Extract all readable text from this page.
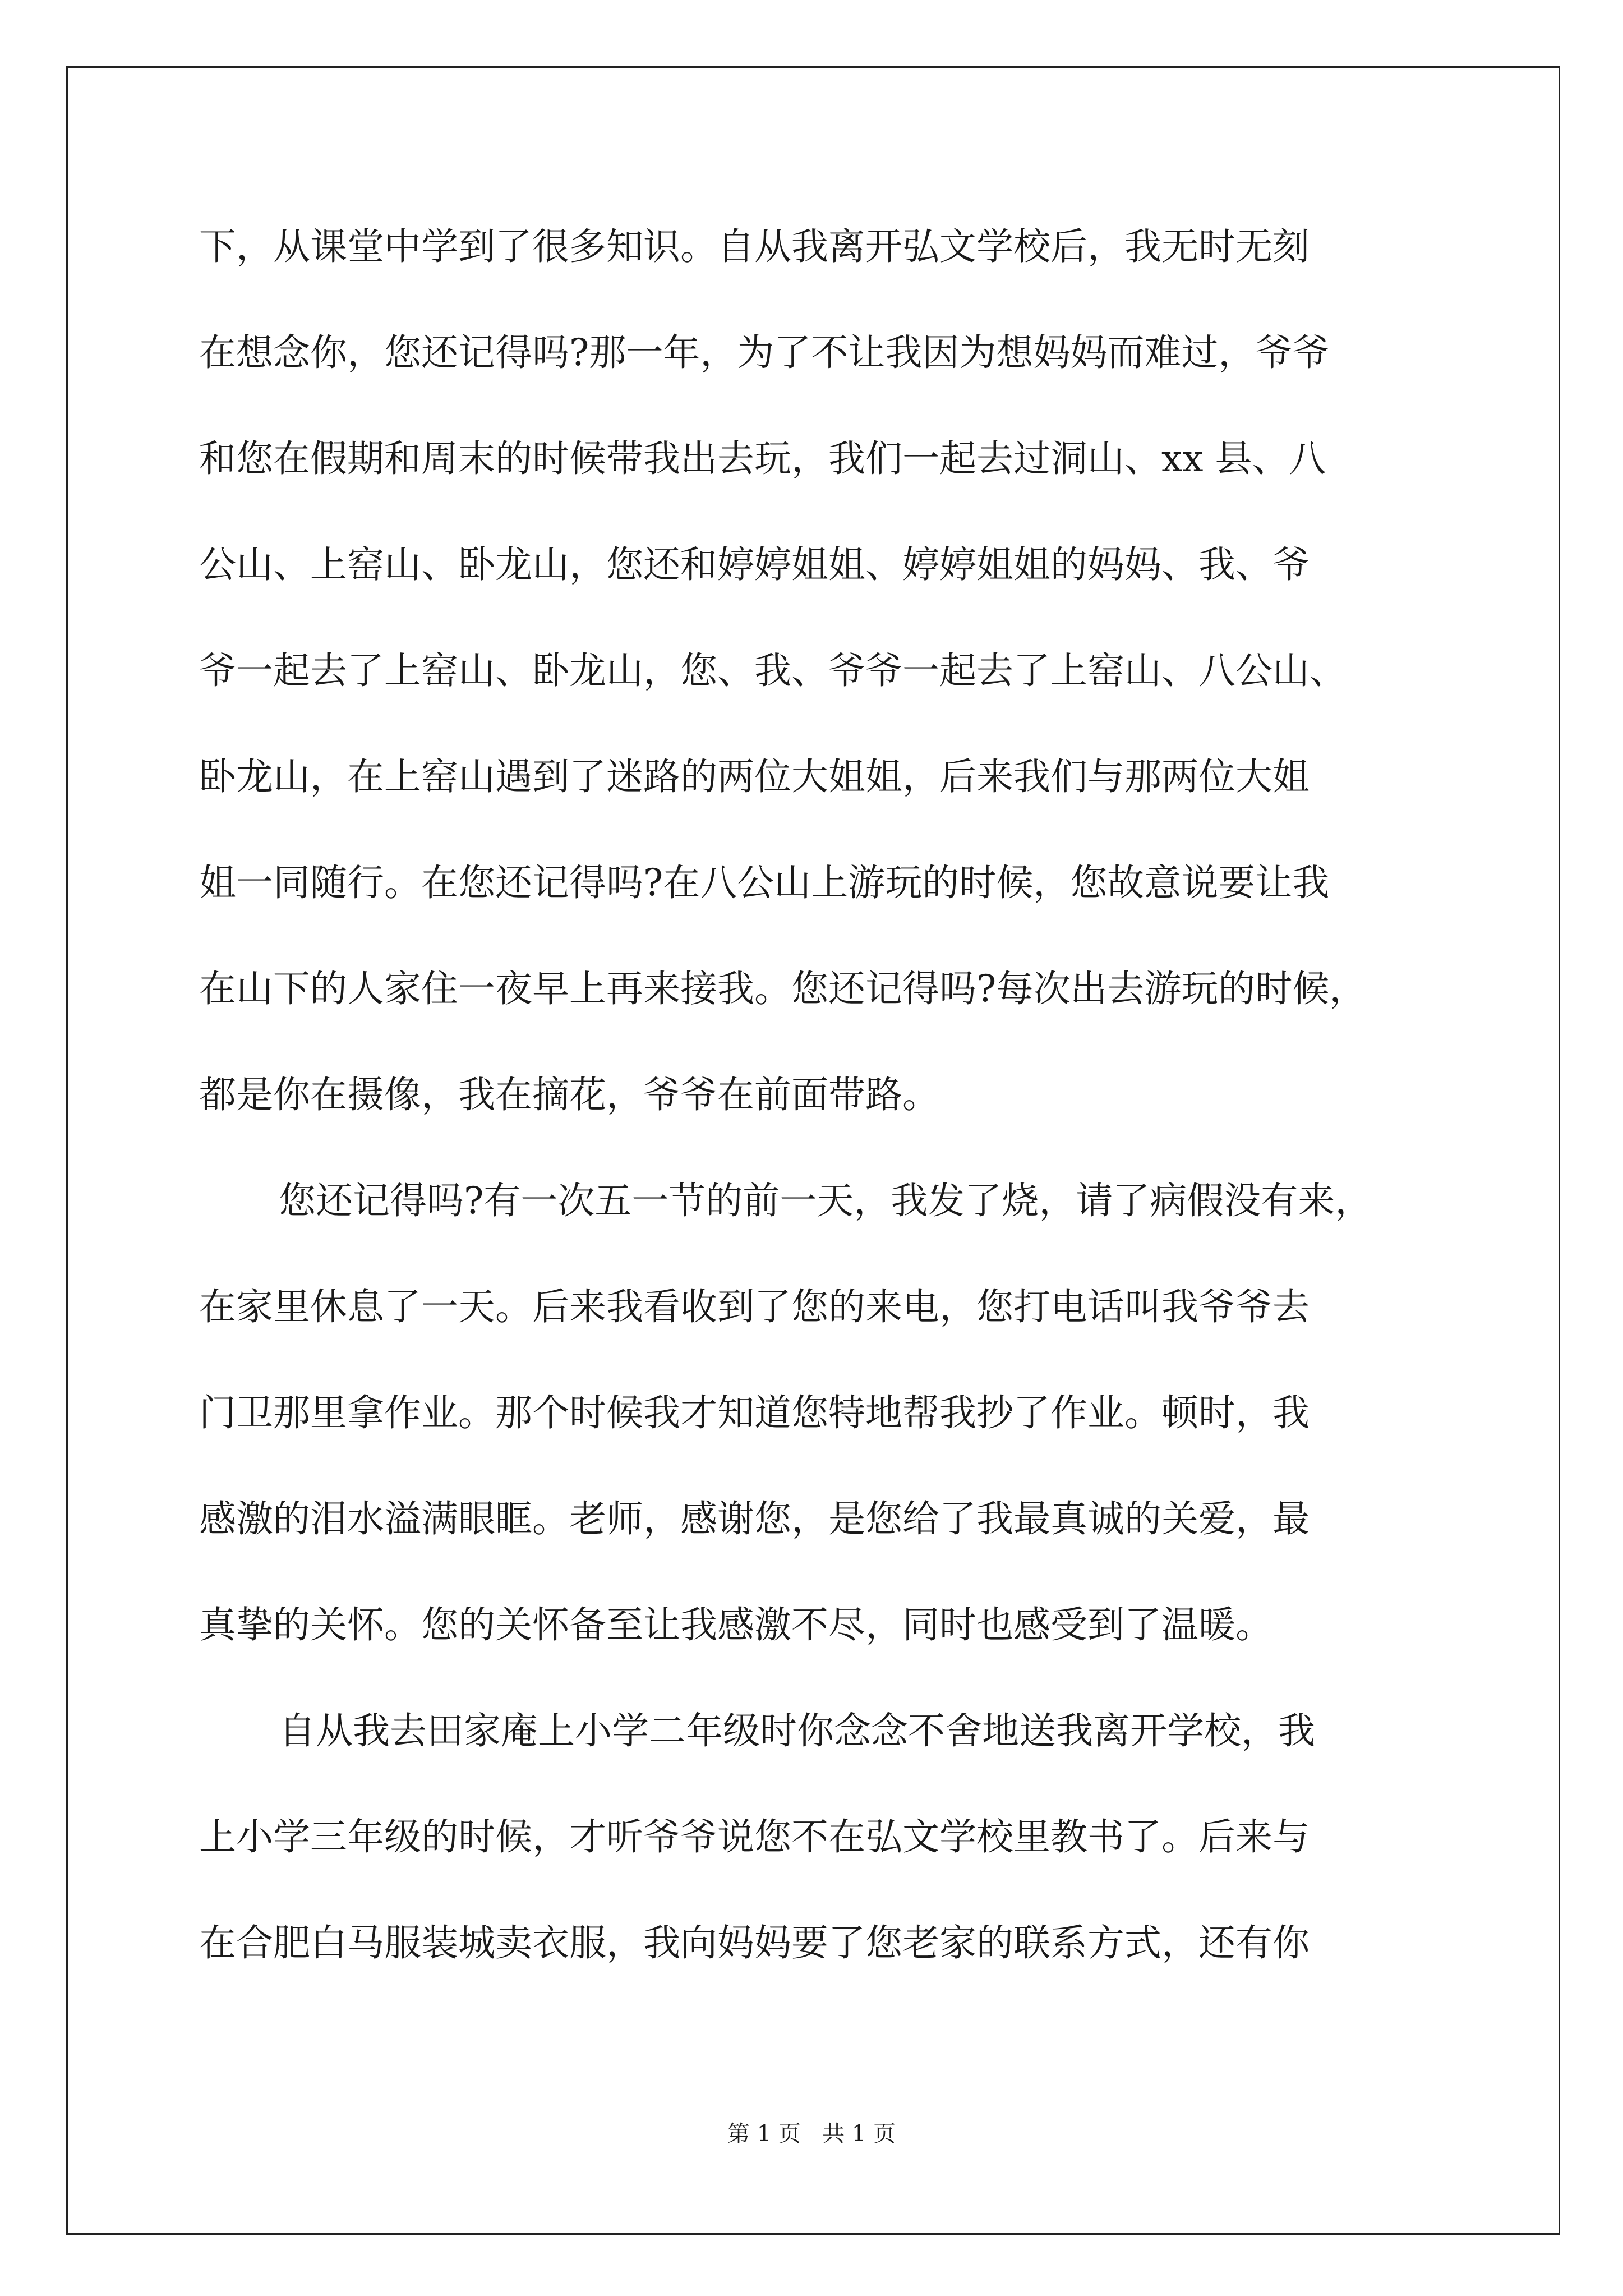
下，从课堂中学到了很多知识。自从我离开弘文学校后，我无时无刻
在想念你，您还记得吗?那一年，为了不让我因为想妈妈而难过，爷爷
和您在假期和周末的时候带我出去玩，我们一起去过洞山、xx 县、八
公山、上窑山、卧龙山，您还和婷婷姐姐、婷婷姐姐的妈妈、我、爷
爷一起去了上窑山、卧龙山，您、我、爷爷一起去了上窑山、八公山、
卧龙山，在上窑山遇到了迷路的两位大姐姐，后来我们与那两位大姐
姐一同随行。在您还记得吗?在八公山上游玩的时候，您故意说要让我
在山下的人家住一夜早上再来接我。您还记得吗?每次出去游玩的时候，
都是你在摄像，我在摘花，爷爷在前面带路。
您还记得吗?有一次五一节的前一天，我发了烧，请了病假没有来，
在家里休息了一天。后来我看收到了您的来电，您打电话叫我爷爷去
门卫那里拿作业。那个时候我才知道您特地帮我抄了作业。顿时，我
感激的泪水溢满眼眶。老师，感谢您，是您给了我最真诚的关爱，最
真挚的关怀。您的关怀备至让我感激不尽，同时也感受到了温暖。
自从我去田家庵上小学二年级时你念念不舍地送我离开学校，我
上小学三年级的时候，才听爷爷说您不在弘文学校里教书了。后来与
在合肥白马服装城卖衣服，我向妈妈要了您老家的联系方式，还有你
第 1 页   共 1 页
